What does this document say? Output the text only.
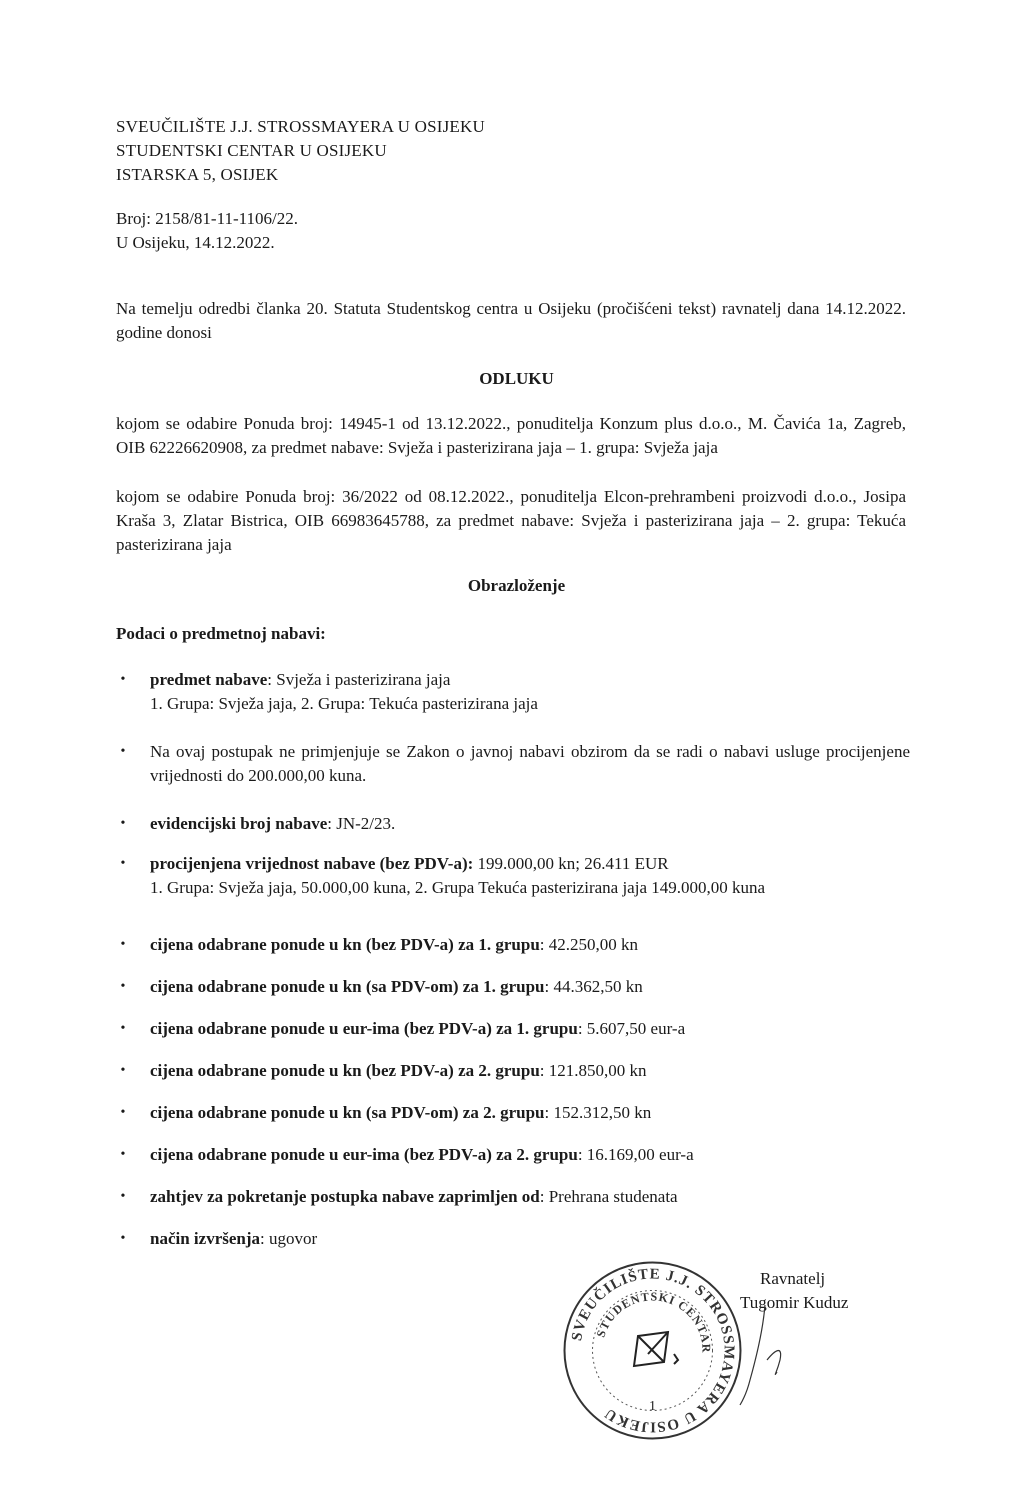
SVEUČILIŠTE J.J. STROSSMAYERA U OSIJEKU
STUDENTSKI CENTAR U OSIJEKU
ISTARSKA 5, OSIJEK
Broj: 2158/81-11-1106/22.
U Osijeku, 14.12.2022.
Na temelju odredbi članka 20. Statuta Studentskog centra u Osijeku (pročišćeni tekst) ravnatelj dana 14.12.2022. godine donosi
ODLUKU
kojom se odabire Ponuda broj: 14945-1 od 13.12.2022., ponuditelja Konzum plus d.o.o., M. Čavića 1a, Zagreb, OIB 62226620908, za predmet nabave: Svježa i pasterizirana jaja – 1. grupa: Svježa jaja
kojom se odabire Ponuda broj: 36/2022 od 08.12.2022., ponuditelja Elcon-prehrambeni proizvodi d.o.o., Josipa Kraša 3, Zlatar Bistrica, OIB 66983645788, za predmet nabave: Svježa i pasterizirana jaja – 2. grupa: Tekuća pasterizirana jaja
Obrazloženje
Podaci o predmetnoj nabavi:
• predmet nabave: Svježa i pasterizirana jaja
1. Grupa: Svježa jaja, 2. Grupa: Tekuća pasterizirana jaja
• Na ovaj postupak ne primjenjuje se Zakon o javnoj nabavi obzirom da se radi o nabavi usluge procijenjene vrijednosti do 200.000,00 kuna.
• evidencijski broj nabave: JN-2/23.
• procijenjena vrijednost nabave (bez PDV-a): 199.000,00 kn; 26.411 EUR
1. Grupa: Svježa jaja, 50.000,00 kuna, 2. Grupa Tekuća pasterizirana jaja 149.000,00 kuna
• cijena odabrane ponude u kn (bez PDV-a) za 1. grupu: 42.250,00 kn
• cijena odabrane ponude u kn (sa PDV-om) za 1. grupu: 44.362,50 kn
• cijena odabrane ponude u eur-ima (bez PDV-a) za 1. grupu: 5.607,50 eur-a
• cijena odabrane ponude u kn (bez PDV-a) za 2. grupu: 121.850,00 kn
• cijena odabrane ponude u kn (sa PDV-om) za 2. grupu: 152.312,50 kn
• cijena odabrane ponude u eur-ima (bez PDV-a) za 2. grupu: 16.169,00 eur-a
• zahtjev za pokretanje postupka nabave zaprimljen od: Prehrana studenata
• način izvršenja: ugovor
SVEUČILIŠTE J.J. STROSSMAYERA U OSIJEKU
STUDENTSKI CENTAR
1
Ravnatelj
Tugomir Kuduz
